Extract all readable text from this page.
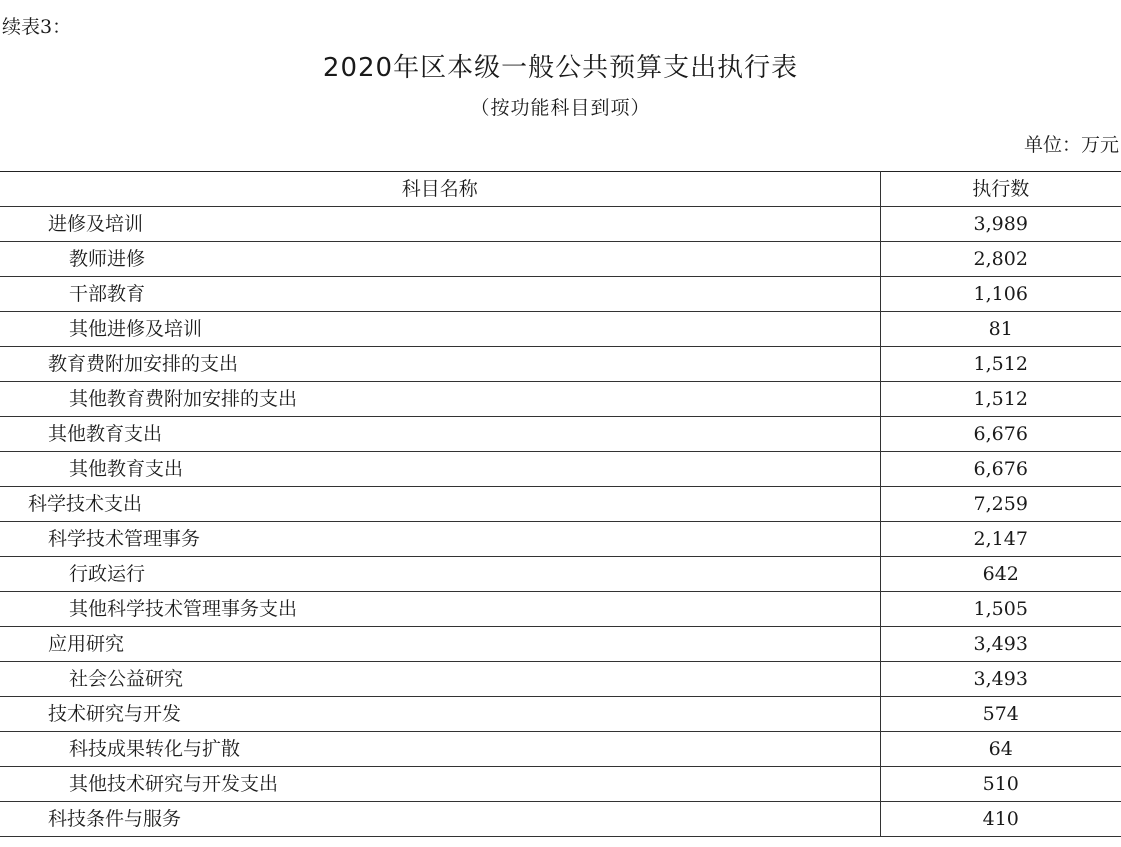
续表3：
2020年区本级一般公共预算支出执行表
（按功能科目到项）
单位：万元
科目名称	执行数
进修及培训	3,989
教师进修	2,802
干部教育	1,106
其他进修及培训	81
教育费附加安排的支出	1,512
其他教育费附加安排的支出	1,512
其他教育支出	6,676
其他教育支出	6,676
科学技术支出	7,259
科学技术管理事务	2,147
行政运行	642
其他科学技术管理事务支出	1,505
应用研究	3,493
社会公益研究	3,493
技术研究与开发	574
科技成果转化与扩散	64
其他技术研究与开发支出	510
科技条件与服务	410
